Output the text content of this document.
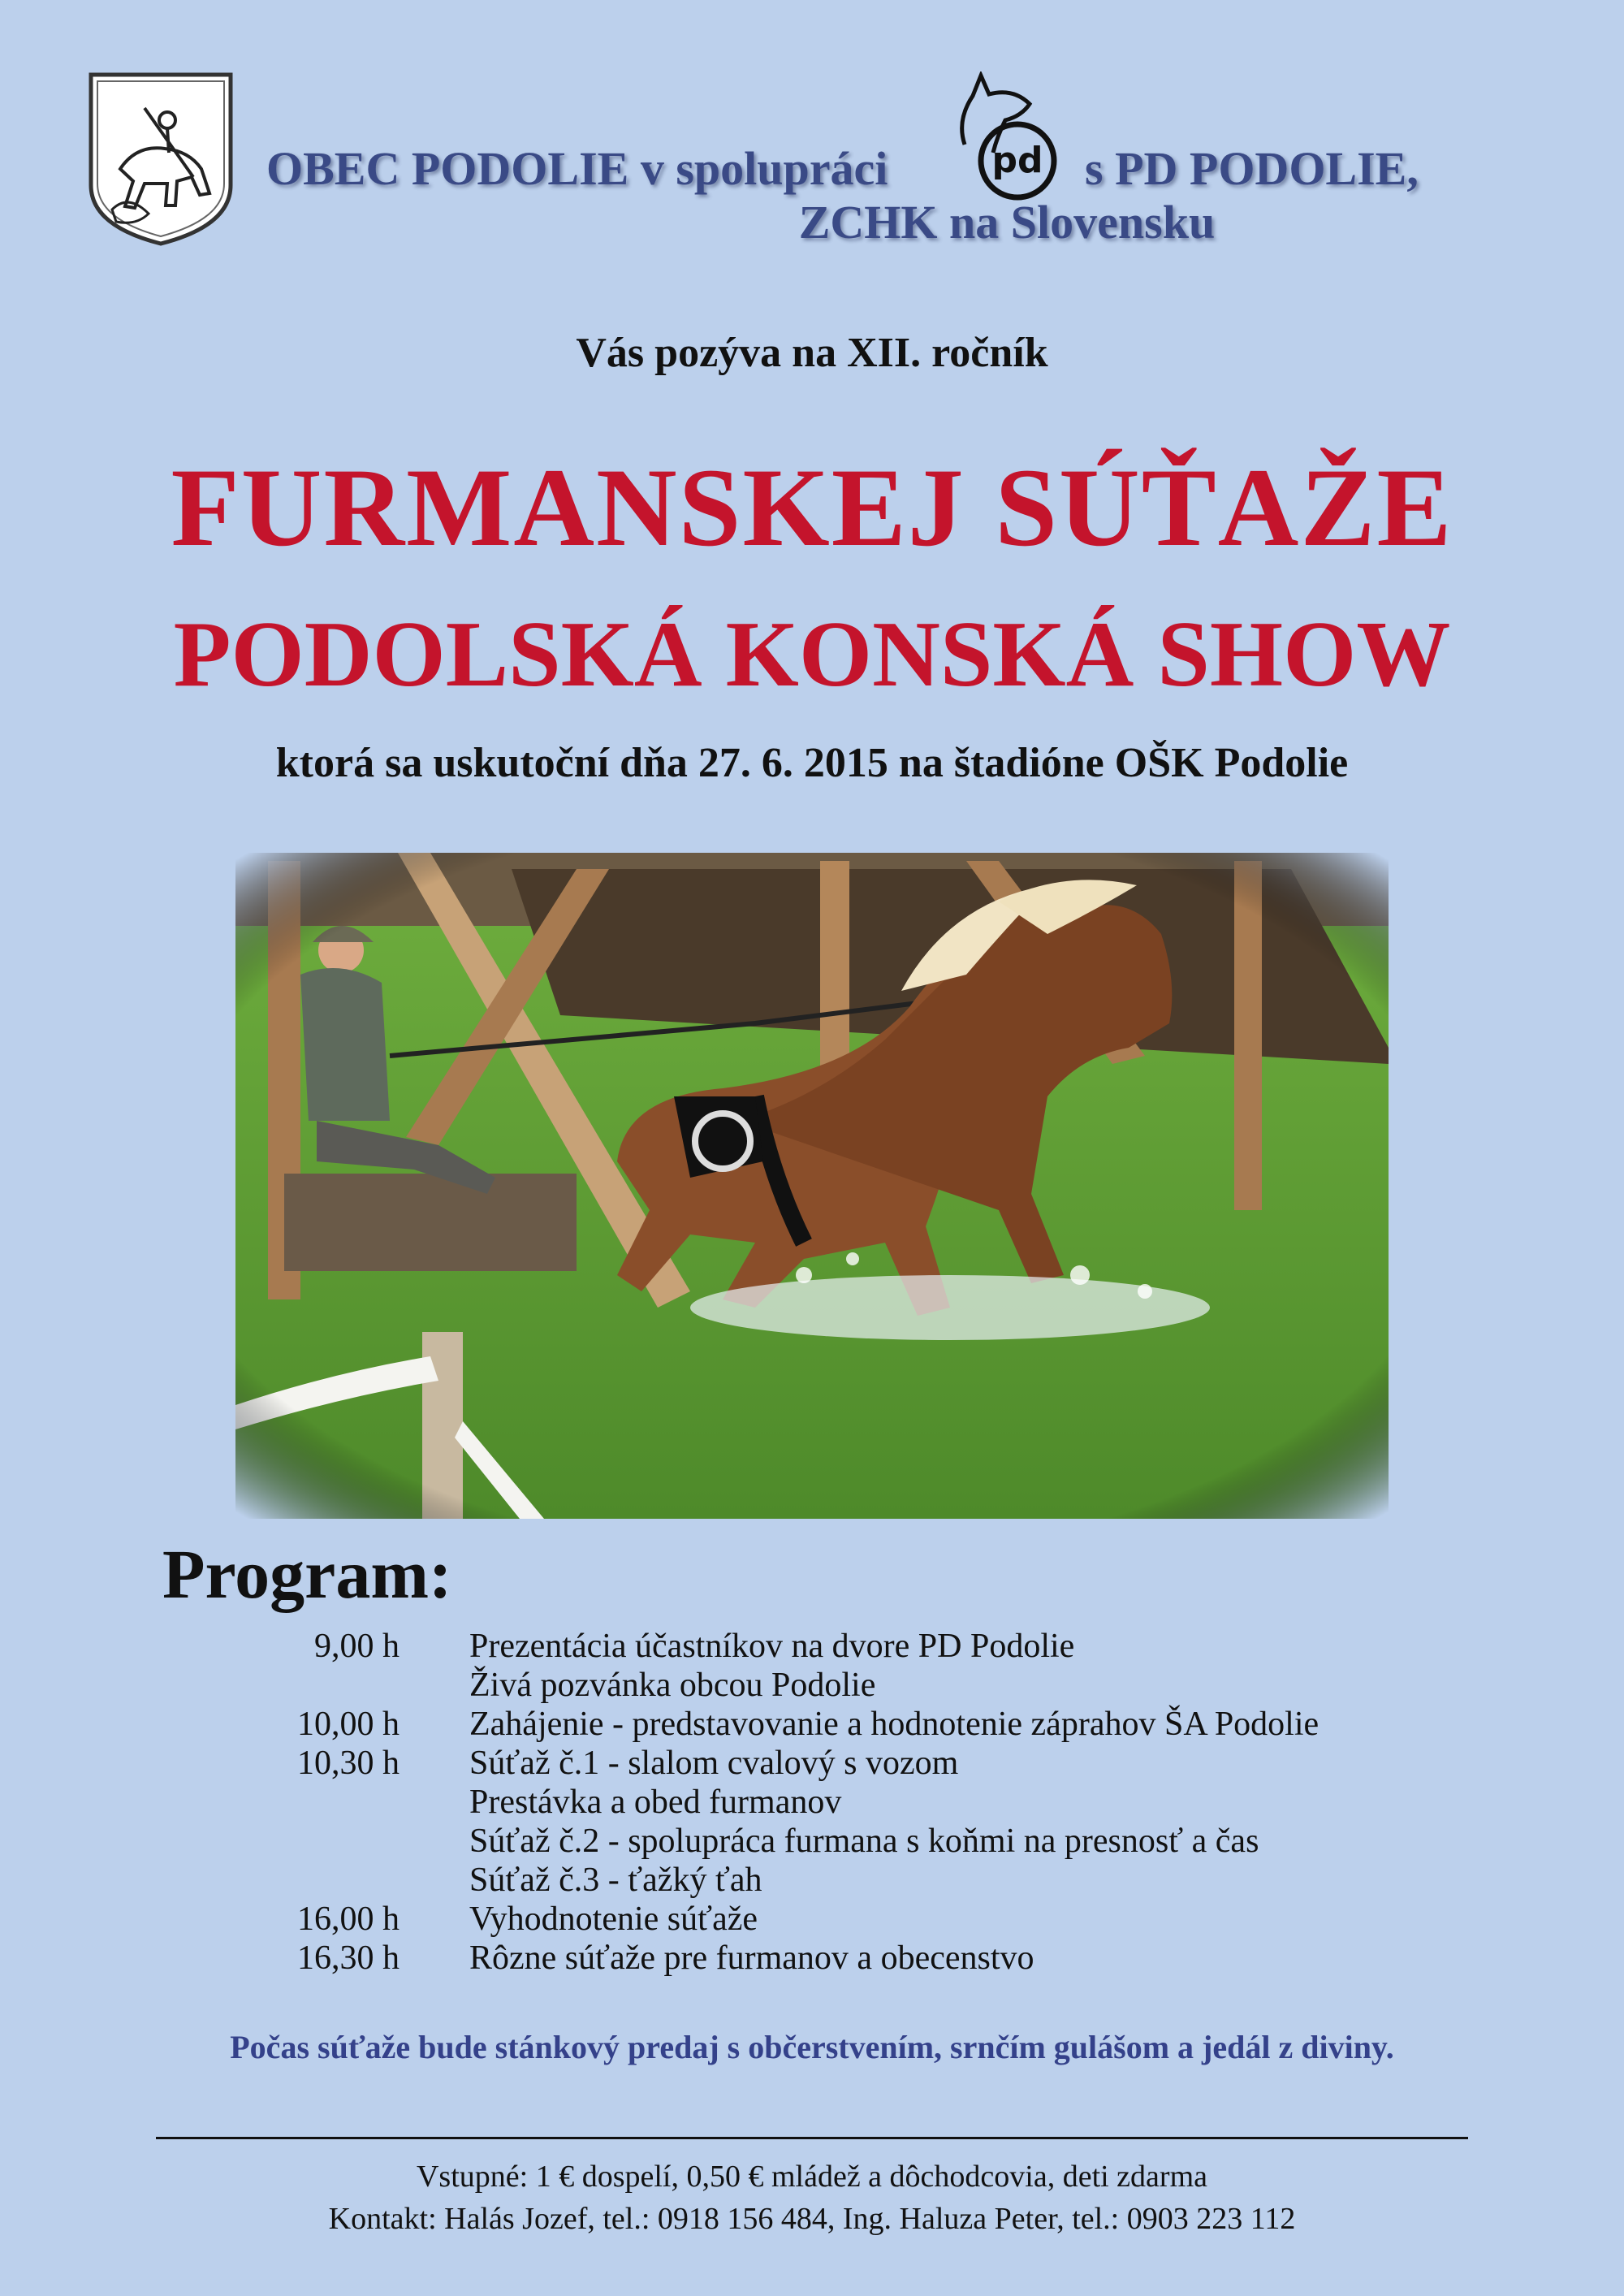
pd
OBEC PODOLIE v spolupráci	s PD PODOLIE,
ZCHK na Slovensku
Vás pozýva na XII. ročník
FURMANSKEJ SÚŤAŽE
PODOLSKÁ KONSKÁ SHOW
ktorá sa uskutoční dňa 27. 6. 2015 na štadióne OŠK Podolie
Program:
9,00 h Prezentácia účastníkov na dvore PD Podolie
Živá pozvánka obcou Podolie
10,00 h Zahájenie - predstavovanie a hodnotenie záprahov ŠA Podolie
10,30 h Súťaž č.1 - slalom cvalový s vozom
Prestávka a obed furmanov
Súťaž č.2 - spolupráca furmana s koňmi na presnosť a čas
Súťaž č.3 - ťažký ťah
16,00 h Vyhodnotenie súťaže
16,30 h Rôzne súťaže pre furmanov a obecenstvo
Počas súťaže bude stánkový predaj s občerstvením, srnčím gulášom a jedál z diviny.
Vstupné: 1 € dospelí, 0,50 € mládež a dôchodcovia, deti zdarma
Kontakt: Halás Jozef, tel.: 0918 156 484, Ing. Haluza Peter, tel.: 0903 223 112
